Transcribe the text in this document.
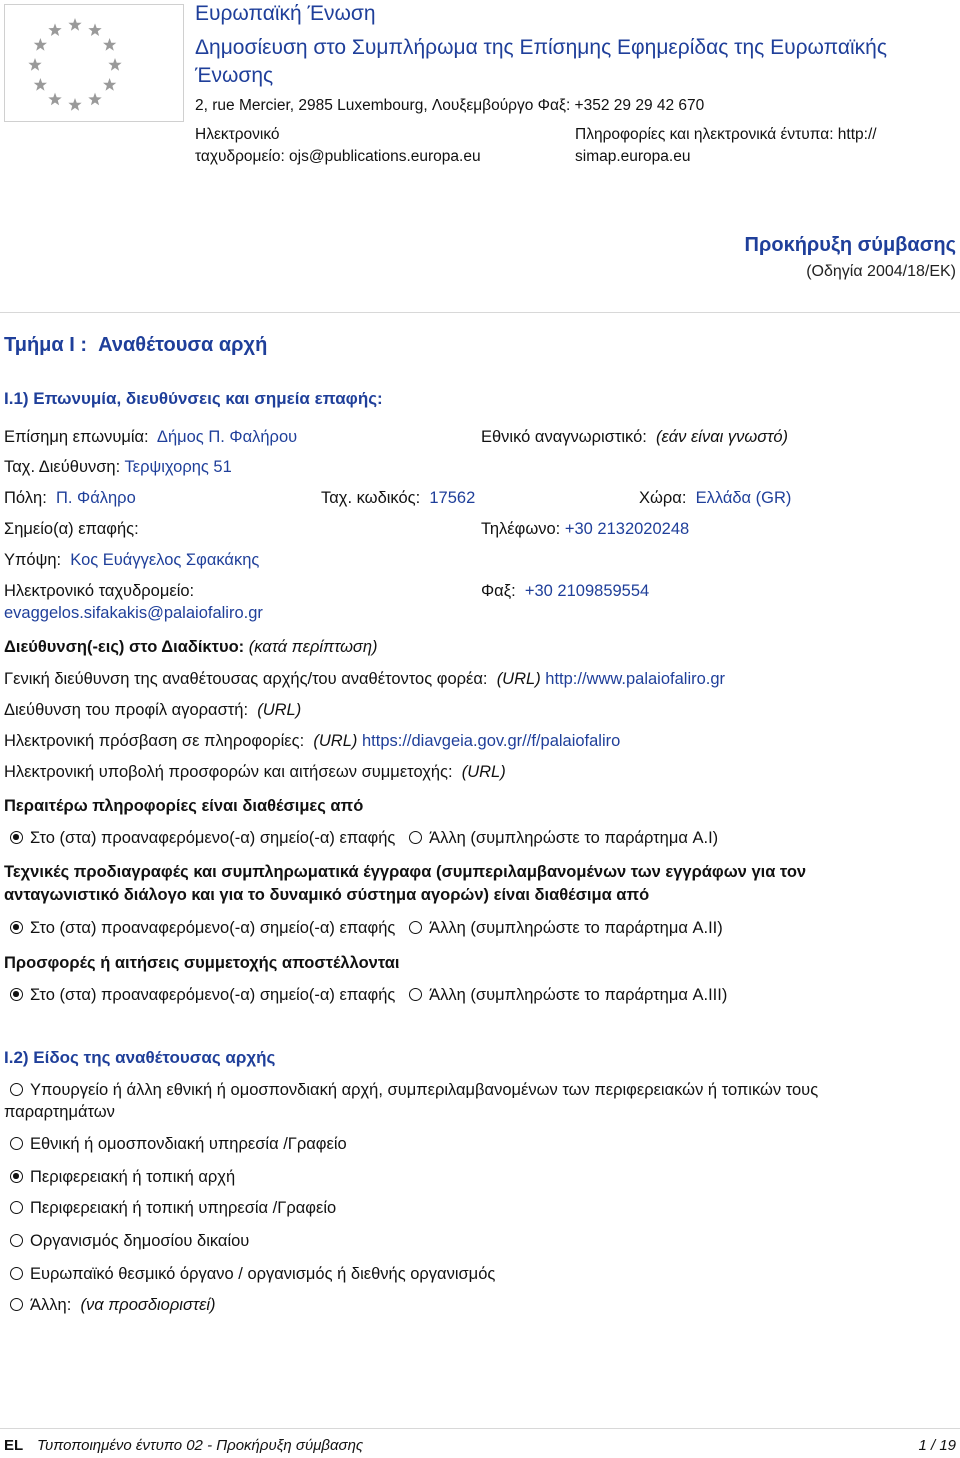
Ευρωπαϊκή Ένωση
Δημοσίευση στο Συμπλήρωμα της Επίσημης Εφημερίδας της Ευρωπαϊκής
Ένωσης
2, rue Mercier, 2985 Luxembourg, Λουξεμβούργο Φαξ: +352 29 29 42 670
Ηλεκτρονικό
ταχυδρομείο: ojs@publications.europa.eu
Πληροφορίες και ηλεκτρονικά έντυπα: http://
simap.europa.eu
Προκήρυξη σύμβασης
(Οδηγία 2004/18/ΕΚ)
Τμήμα I : Αναθέτουσα αρχή
I.1) Επωνυμία, διευθύνσεις και σημεία επαφής:
Επίσημη επωνυμία: Δήμος Π. Φαλήρου	Εθνικό αναγνωριστικό: (εάν είναι γνωστό)
Ταχ. Διεύθυνση: Τερψιχορης 51
Πόλη: Π. Φάληρο	Ταχ. κωδικός: 17562	Χώρα: Ελλάδα (GR)
Σημείο(α) επαφής:	Τηλέφωνο: +30 2132020248
Υπόψη: Κος Ευάγγελος Σφακάκης
Ηλεκτρονικό ταχυδρομείο:
evaggelos.sifakakis@palaiofaliro.gr
Φαξ: +30 2109859554
Διεύθυνση(-εις) στο Διαδίκτυο: (κατά περίπτωση)
Γενική διεύθυνση της αναθέτουσας αρχής/του αναθέτοντος φορέα: (URL) http://www.palaiofaliro.gr
Διεύθυνση του προφίλ αγοραστή: (URL)
Ηλεκτρονική πρόσβαση σε πληροφορίες: (URL) https://diavgeia.gov.gr//f/palaiofaliro
Ηλεκτρονική υποβολή προσφορών και αιτήσεων συμμετοχής: (URL)
Περαιτέρω πληροφορίες είναι διαθέσιμες από
Στο (στα) προαναφερόμενο(-α) σημείο(-α) επαφής Άλλη (συμπληρώστε το παράρτημα A.I)
Τεχνικές προδιαγραφές και συμπληρωματικά έγγραφα (συμπεριλαμβανομένων των εγγράφων για τον
ανταγωνιστικό διάλογο και για το δυναμικό σύστημα αγορών) είναι διαθέσιμα από
Στο (στα) προαναφερόμενο(-α) σημείο(-α) επαφής Άλλη (συμπληρώστε το παράρτημα A.II)
Προσφορές ή αιτήσεις συμμετοχής αποστέλλονται
Στο (στα) προαναφερόμενο(-α) σημείο(-α) επαφής Άλλη (συμπληρώστε το παράρτημα A.III)
I.2) Είδος της αναθέτουσας αρχής
Υπουργείο ή άλλη εθνική ή ομοσπονδιακή αρχή, συμπεριλαμβανομένων των περιφερειακών ή τοπικών τους
παραρτημάτων
Εθνική ή ομοσπονδιακή υπηρεσία /Γραφείο
Περιφερειακή ή τοπική αρχή
Περιφερειακή ή τοπική υπηρεσία /Γραφείο
Οργανισμός δημοσίου δικαίου
Ευρωπαϊκό θεσμικό όργανο / οργανισμός ή διεθνής οργανισμός
Άλλη: (να προσδιοριστεί)
EL Τυποποιημένο έντυπο 02 - Προκήρυξη σύμβασης	1 / 19
